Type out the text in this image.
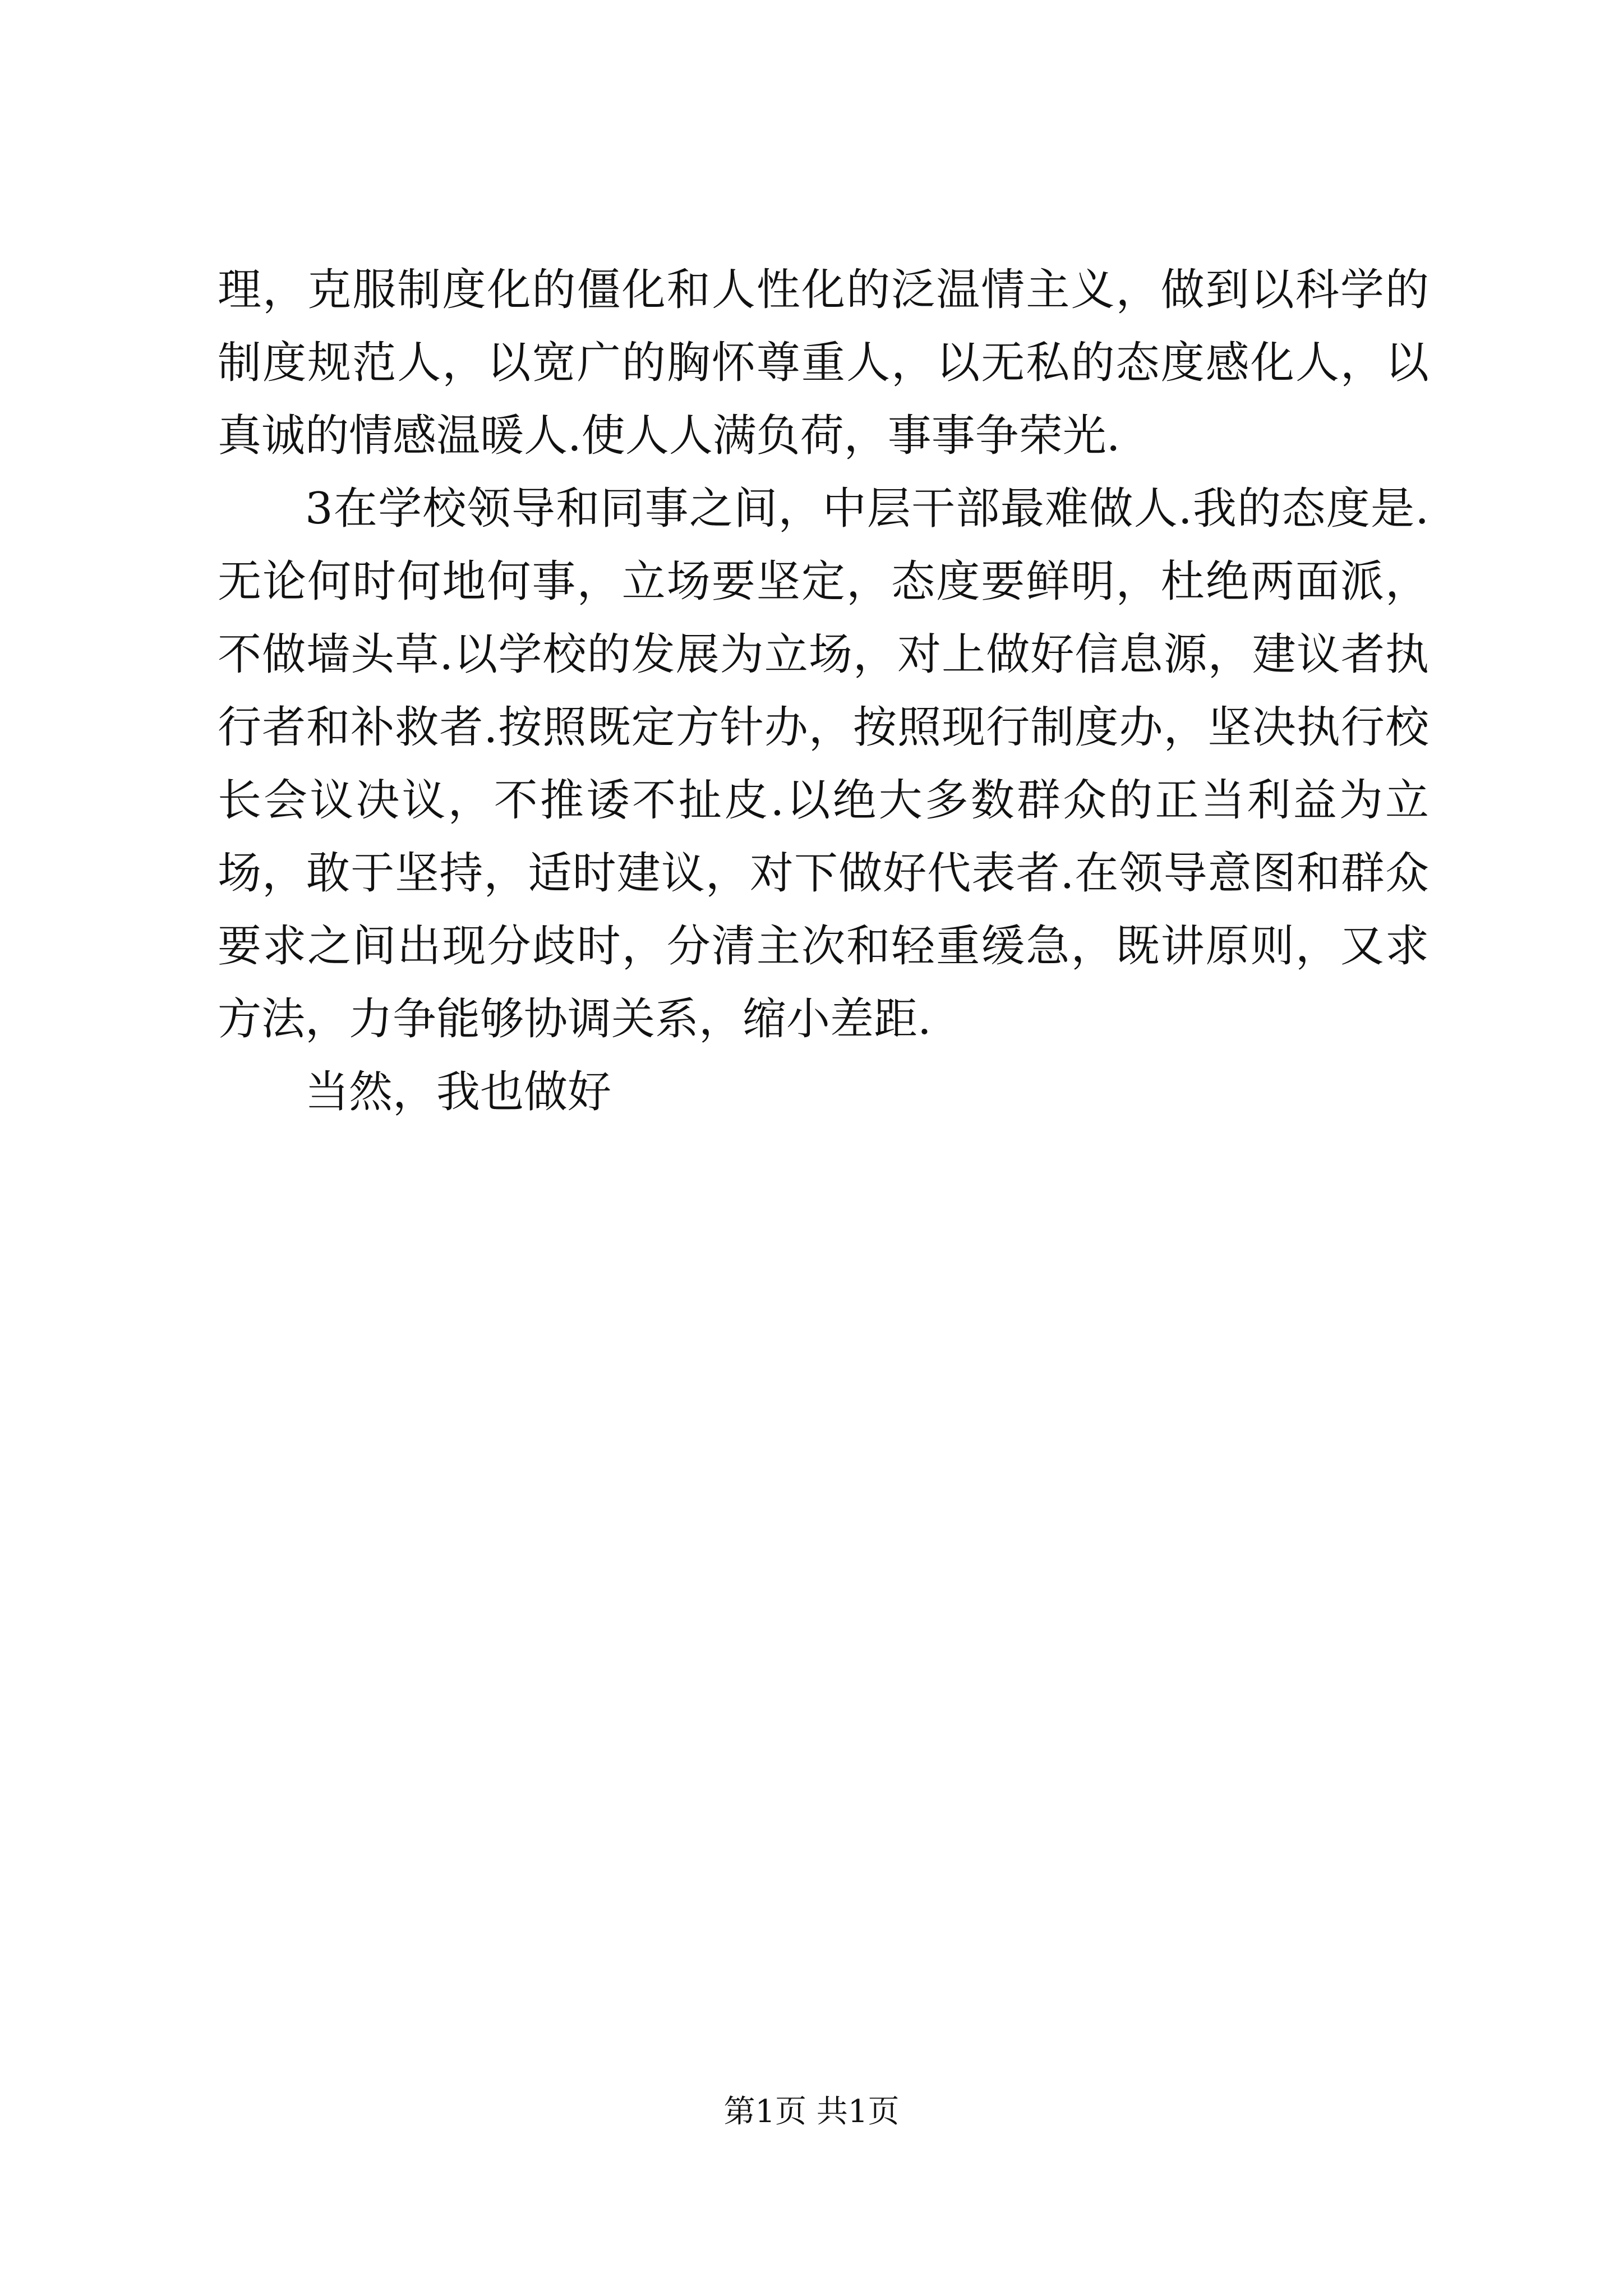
理，克服制度化的僵化和人性化的泛温情主义，做到以科学的制度规范人，以宽广的胸怀尊重人，以无私的态度感化人，以真诚的情感温暖人.使人人满负荷，事事争荣光.

3在学校领导和同事之间，中层干部最难做人.我的态度是.无论何时何地何事，立场要坚定，态度要鲜明，杜绝两面派，不做墙头草.以学校的发展为立场，对上做好信息源，建议者执行者和补救者.按照既定方针办，按照现行制度办，坚决执行校长会议决议，不推诿不扯皮.以绝大多数群众的正当利益为立场，敢于坚持，适时建议，对下做好代表者.在领导意图和群众要求之间出现分歧时，分清主次和轻重缓急，既讲原则，又求方法，力争能够协调关系，缩小差距.

当然，我也做好

第1页 共1页
